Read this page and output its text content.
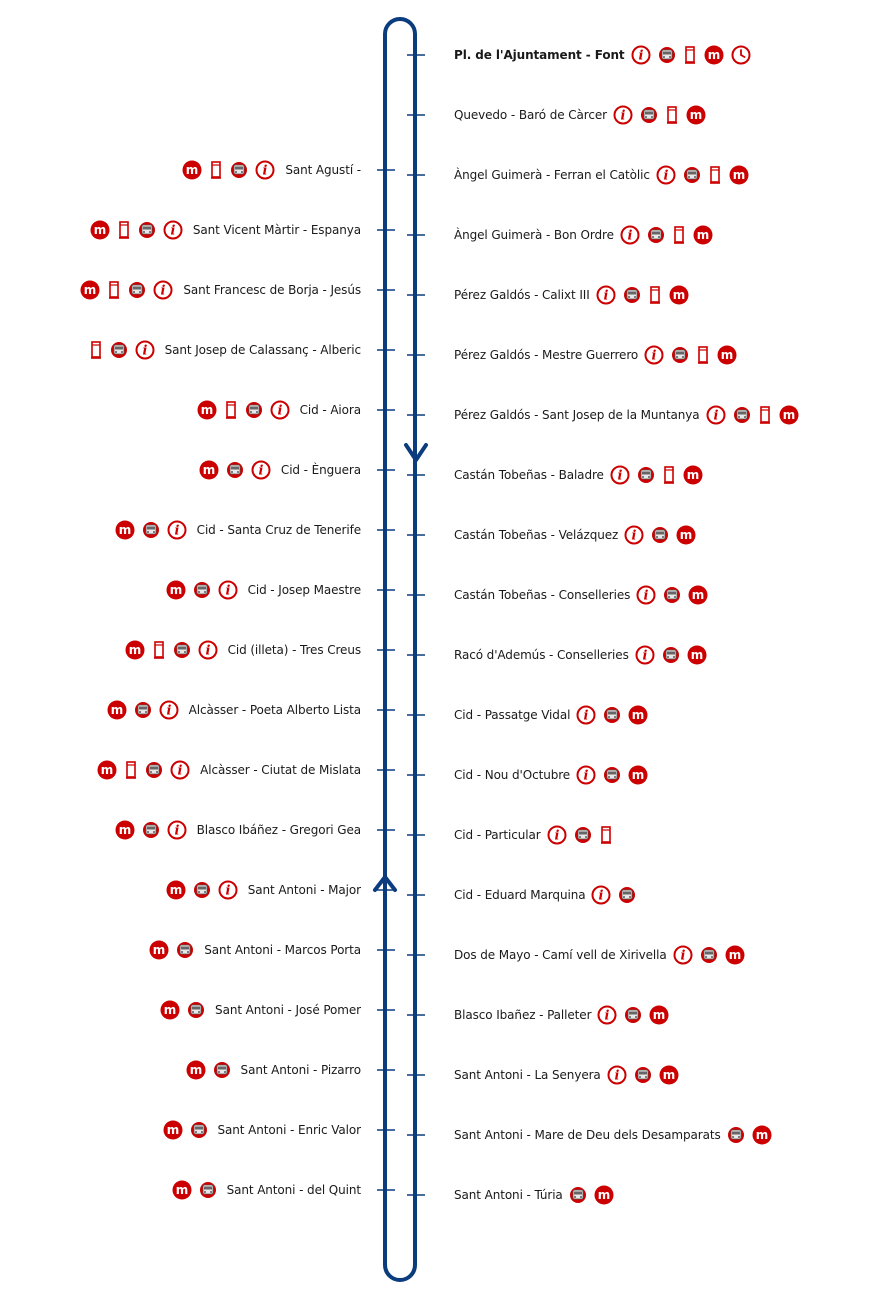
Pl. de l'Ajuntament - Font i	m
Quevedo - Baró de Càrcer i	m
Àngel Guimerà - Ferran el Catòlic i	m
Àngel Guimerà - Bon Ordre i	m
Pérez Galdós - Calixt III i	m
Pérez Galdós - Mestre Guerrero i	m
Pérez Galdós - Sant Josep de la Muntanya i	m
Castán Tobeñas - Baladre i	m
Castán Tobeñas - Velázquez i	m
Castán Tobeñas - Conselleries i	m
Racó d'Ademús - Conselleries i	m
Cid - Passatge Vidal i	m
Cid - Nou d'Octubre i	m
Cid - Particular i
Cid - Eduard Marquina i
Dos de Mayo - Camí vell de Xirivella i	m
Blasco Ibañez - Palleter i	m
Sant Antoni - La Senyera i	m
Sant Antoni - Mare de Deu dels Desamparats	m
Sant Antoni - Túria	m
m	i Sant Agustí -
m	i Sant Vicent Màrtir - Espanya
m	i Sant Francesc de Borja - Jesús
i Sant Josep de Calassanç - Alberic
m	i Cid - Aiora
m	i Cid - Ènguera
m	i Cid - Santa Cruz de Tenerife
m	i Cid - Josep Maestre
m	i Cid (illeta) - Tres Creus
m	i Alcàsser - Poeta Alberto Lista
m	i Alcàsser - Ciutat de Mislata
m	i Blasco Ibáñez - Gregori Gea
m	i Sant Antoni - Major
m	Sant Antoni - Marcos Porta
m	Sant Antoni - José Pomer
m	Sant Antoni - Pizarro
m	Sant Antoni - Enric Valor
m	Sant Antoni - del Quint
